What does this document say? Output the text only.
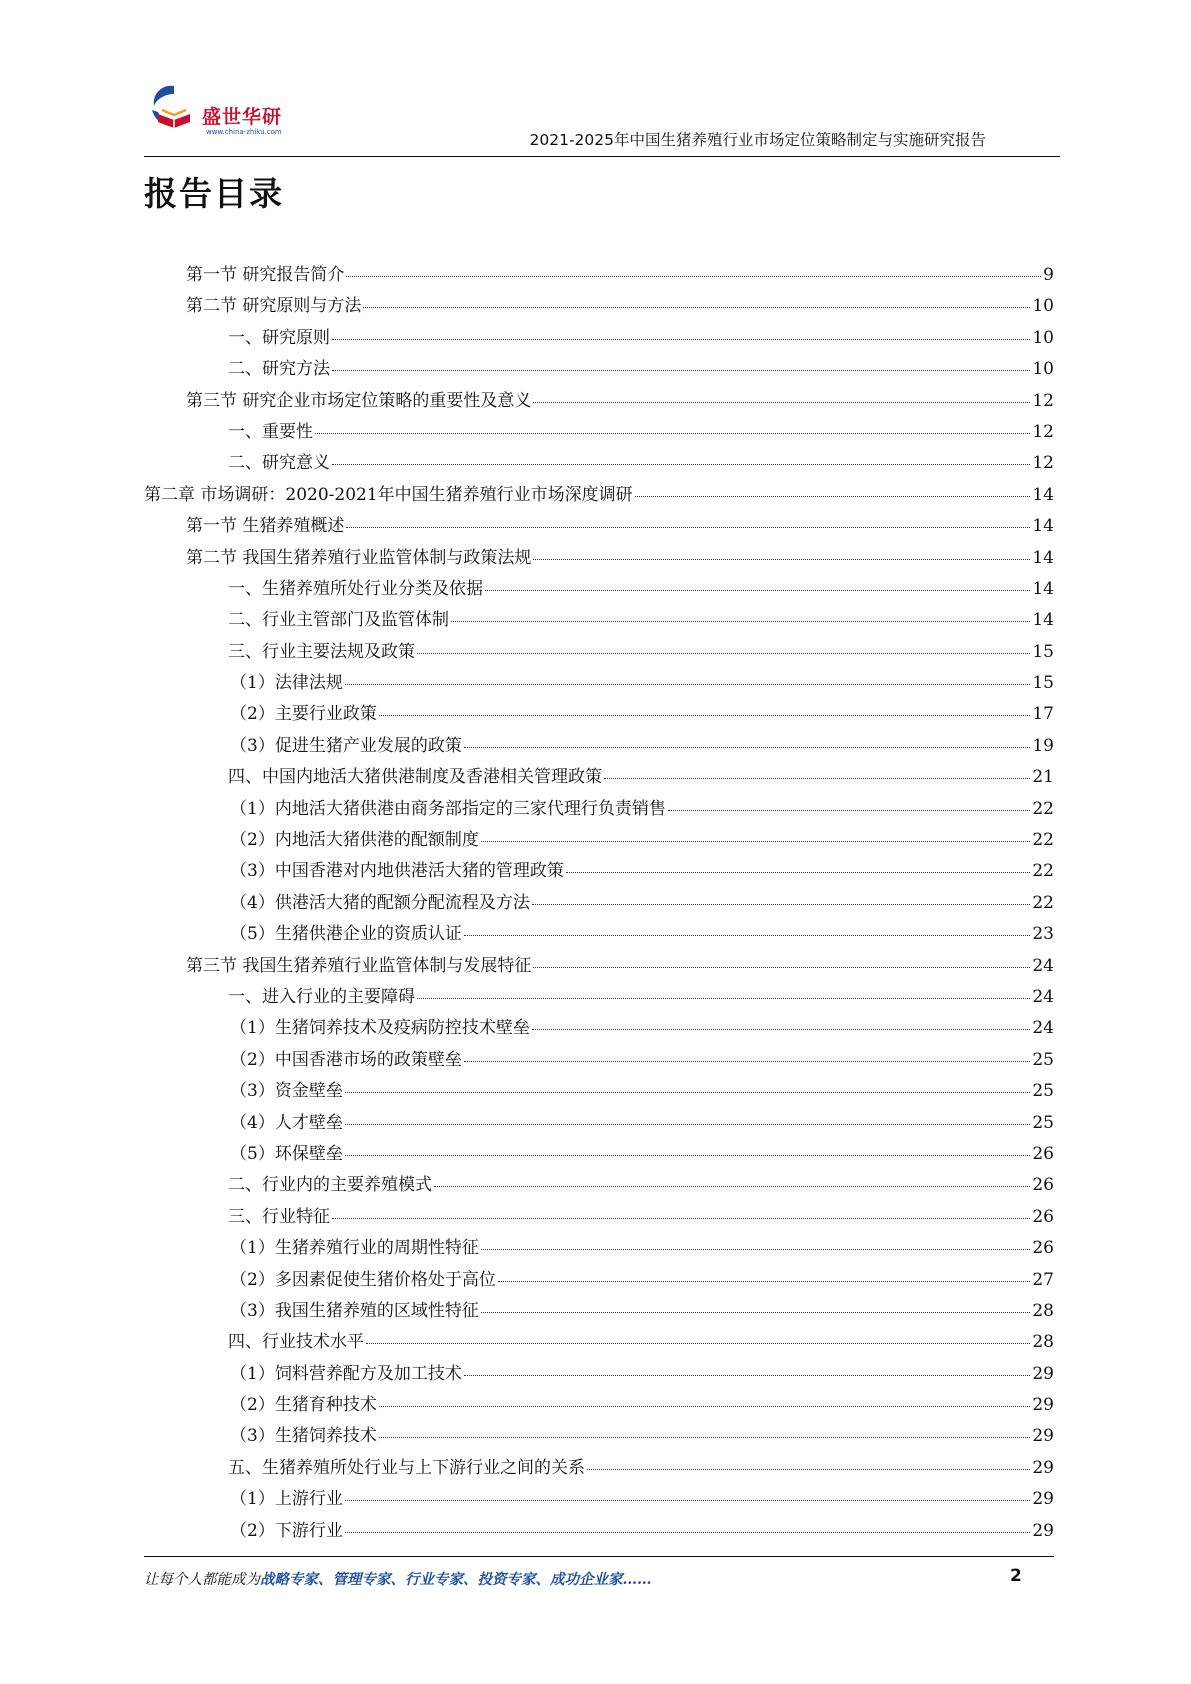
盛世华研
www.china-zhiku.com	2021-2025年中国生猪养殖行业市场定位策略制定与实施研究报告
报告目录
第一节 研究报告简介	9
第二节 研究原则与方法	10
一、研究原则	10
二、研究方法	10
第三节 研究企业市场定位策略的重要性及意义	12
一、重要性	12
二、研究意义	12
第二章 市场调研：2020-2021年中国生猪养殖行业市场深度调研	14
第一节 生猪养殖概述	14
第二节 我国生猪养殖行业监管体制与政策法规	14
一、生猪养殖所处行业分类及依据	14
二、行业主管部门及监管体制	14
三、行业主要法规及政策	15
（1）法律法规	15
（2）主要行业政策	17
（3）促进生猪产业发展的政策	19
四、中国内地活大猪供港制度及香港相关管理政策	21
（1）内地活大猪供港由商务部指定的三家代理行负责销售	22
（2）内地活大猪供港的配额制度	22
（3）中国香港对内地供港活大猪的管理政策	22
（4）供港活大猪的配额分配流程及方法	22
（5）生猪供港企业的资质认证	23
第三节 我国生猪养殖行业监管体制与发展特征	24
一、进入行业的主要障碍	24
（1）生猪饲养技术及疫病防控技术壁垒	24
（2）中国香港市场的政策壁垒	25
（3）资金壁垒	25
（4）人才壁垒	25
（5）环保壁垒	26
二、行业内的主要养殖模式	26
三、行业特征	26
（1）生猪养殖行业的周期性特征	26
（2）多因素促使生猪价格处于高位	27
（3）我国生猪养殖的区域性特征	28
四、行业技术水平	28
（1）饲料营养配方及加工技术	29
（2）生猪育种技术	29
（3）生猪饲养技术	29
五、生猪养殖所处行业与上下游行业之间的关系	29
（1）上游行业	29
（2）下游行业	29
让每个人都能成为战略专家、管理专家、行业专家、投资专家、成功企业家……	2
